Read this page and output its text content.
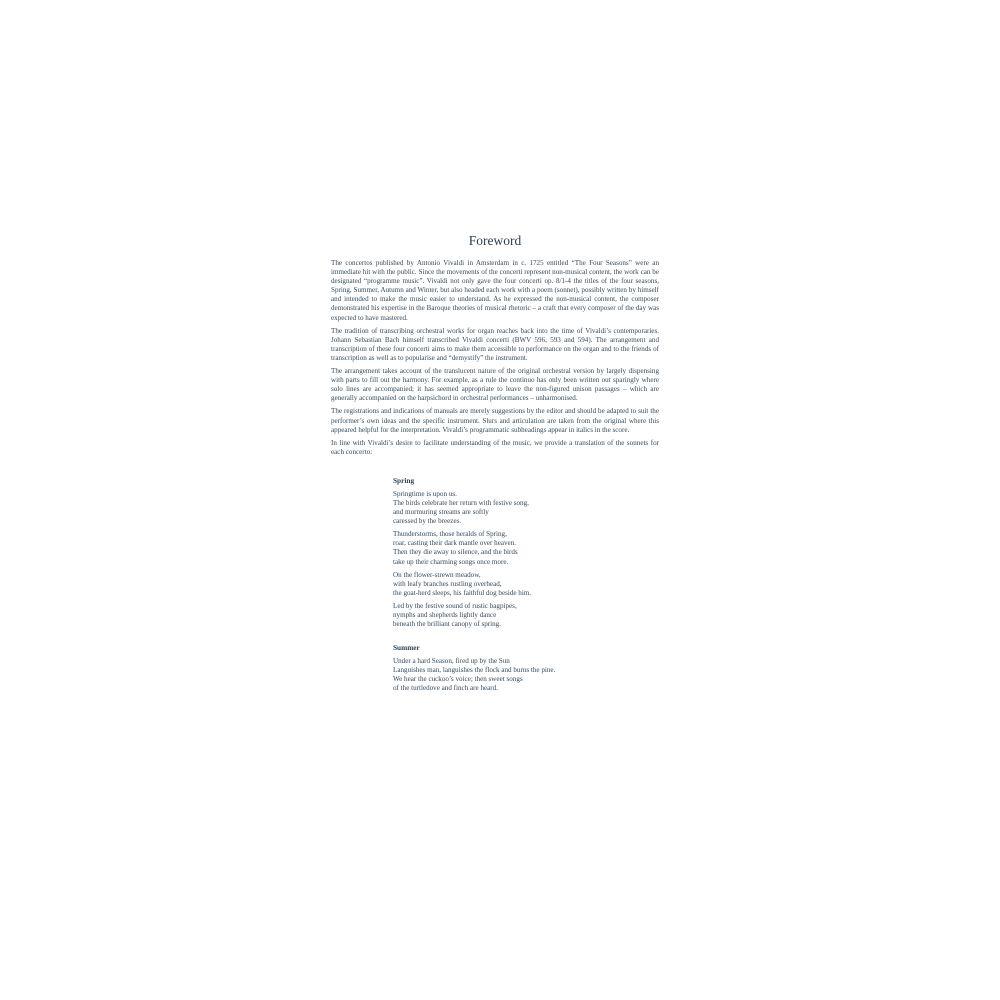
Foreword

The concertos published by Antonio Vivaldi in Amsterdam in c. 1725 entitled “The Four Seasons” were an immediate hit with the public. Since the movements of the concerti represent non-musical content, the work can be designated “programme music”. Vivaldi not only gave the four concerti op. 8/1-4 the titles of the four seasons, Spring, Summer, Autumn and Winter, but also headed each work with a poem (sonnet), possibly written by himself and intended to make the music easier to understand. As he expressed the non-musical content, the composer demonstrated his expertise in the Baroque theories of musical rhetoric – a craft that every composer of the day was expected to have mastered.

The tradition of transcribing orchestral works for organ reaches back into the time of Vivaldi’s contemporaries. Johann Sebastian Bach himself transcribed Vivaldi concerti (BWV 596, 593 and 594). The arrangement and transcription of these four concerti aims to make them accessible to performance on the organ and to the friends of transcription as well as to popularise and “demystify” the instrument.

The arrangement takes account of the translucent nature of the original orchestral version by largely dispensing with parts to fill out the harmony. For example, as a rule the continuo has only been written out sparingly where solo lines are accompanied; it has seemed appropriate to leave the non-figured unison passages – which are generally accompanied on the harpsichord in orchestral performances – unharmonised.

The registrations and indications of manuals are merely suggestions by the editor and should be adapted to suit the performer’s own ideas and the specific instrument. Slurs and articulation are taken from the original where this appeared helpful for the interpretation. Vivaldi’s programmatic subheadings appear in italics in the score.

In line with Vivaldi’s desire to facilitate understanding of the music, we provide a translation of the sonnets for each concerto:

Spring
Springtime is upon us.
The birds celebrate her return with festive song,
and murmuring streams are softly
caressed by the breezes.
Thunderstorms, those heralds of Spring,
roar, casting their dark mantle over heaven.
Then they die away to silence, and the birds
take up their charming songs once more.
On the flower-strewn meadow,
with leafy branches rustling overhead,
the goat-herd sleeps, his faithful dog beside him.
Led by the festive sound of rustic bagpipes,
nymphs and shepherds lightly dance
beneath the brilliant canopy of spring.
Summer
Under a hard Season, fired up by the Sun
Languishes man, languishes the flock and burns the pine.
We hear the cuckoo’s voice; then sweet songs
of the turtledove and finch are heard.
